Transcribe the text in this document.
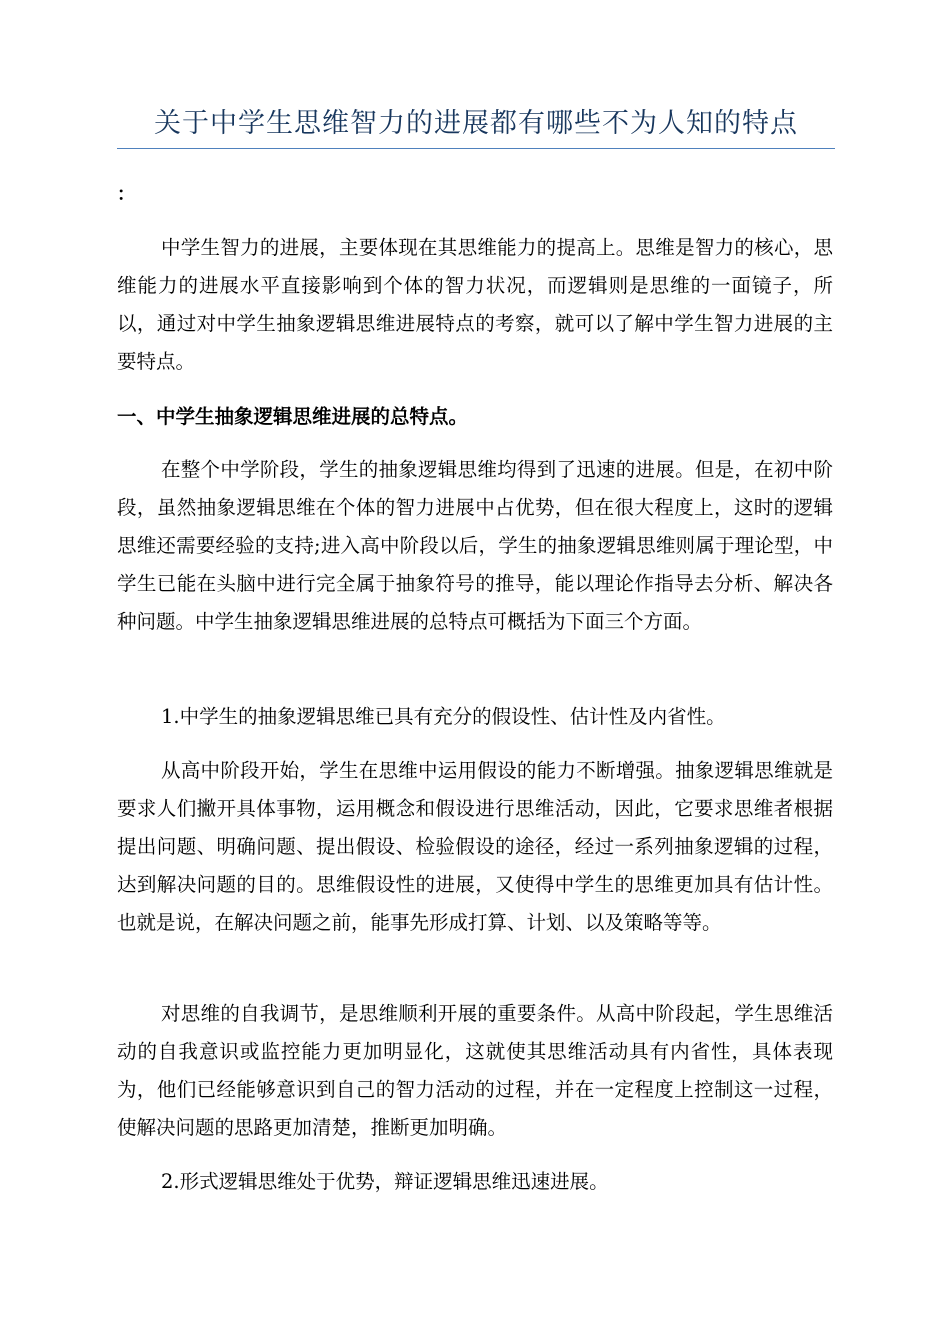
关于中学生思维智力的进展都有哪些不为人知的特点
：
中学生智力的进展，主要体现在其思维能力的提高上。思维是智力的核心，思维能力的进展水平直接影响到个体的智力状况，而逻辑则是思维的一面镜子，所以，通过对中学生抽象逻辑思维进展特点的考察，就可以了解中学生智力进展的主要特点。
一、中学生抽象逻辑思维进展的总特点。
在整个中学阶段，学生的抽象逻辑思维均得到了迅速的进展。但是，在初中阶段，虽然抽象逻辑思维在个体的智力进展中占优势，但在很大程度上，这时的逻辑思维还需要经验的支持;进入高中阶段以后，学生的抽象逻辑思维则属于理论型，中学生已能在头脑中进行完全属于抽象符号的推导，能以理论作指导去分析、解决各种问题。中学生抽象逻辑思维进展的总特点可概括为下面三个方面。
1.中学生的抽象逻辑思维已具有充分的假设性、估计性及内省性。
从高中阶段开始，学生在思维中运用假设的能力不断增强。抽象逻辑思维就是要求人们撇开具体事物，运用概念和假设进行思维活动，因此，它要求思维者根据提出问题、明确问题、提出假设、检验假设的途径，经过一系列抽象逻辑的过程，达到解决问题的目的。思维假设性的进展，又使得中学生的思维更加具有估计性。也就是说，在解决问题之前，能事先形成打算、计划、以及策略等等。
对思维的自我调节，是思维顺利开展的重要条件。从高中阶段起，学生思维活动的自我意识或监控能力更加明显化，这就使其思维活动具有内省性，具体表现为，他们已经能够意识到自己的智力活动的过程，并在一定程度上控制这一过程，使解决问题的思路更加清楚，推断更加明确。
2.形式逻辑思维处于优势，辩证逻辑思维迅速进展。
